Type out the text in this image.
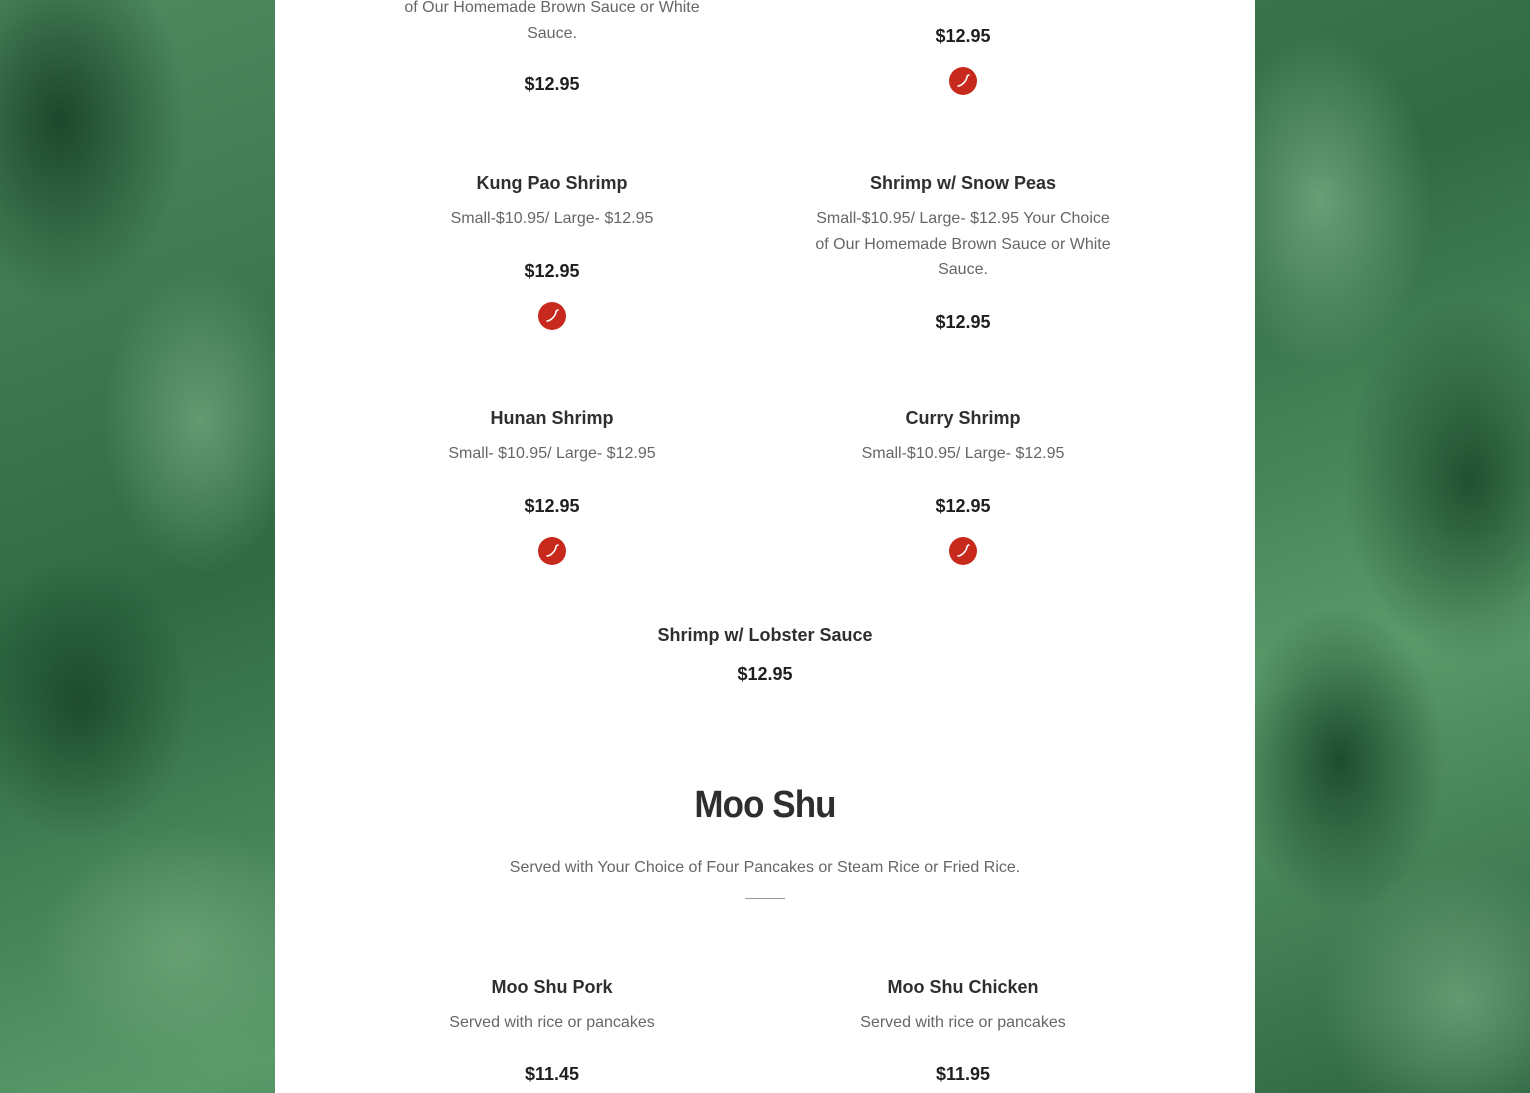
of Our Homemade Brown Sauce or White Sauce.

$12.95

$12.95

Kung Pao Shrimp

Small-$10.95/ Large- $12.95

$12.95

Shrimp w/ Snow Peas

Small-$10.95/ Large- $12.95 Your Choice of Our Homemade Brown Sauce or White Sauce.

$12.95

Hunan Shrimp

Small- $10.95/ Large- $12.95

$12.95

Curry Shrimp

Small-$10.95/ Large- $12.95

$12.95

Shrimp w/ Lobster Sauce

$12.95

Moo Shu

Served with Your Choice of Four Pancakes or Steam Rice or Fried Rice.

Moo Shu Pork

Served with rice or pancakes

$11.45

Moo Shu Chicken

Served with rice or pancakes

$11.95
